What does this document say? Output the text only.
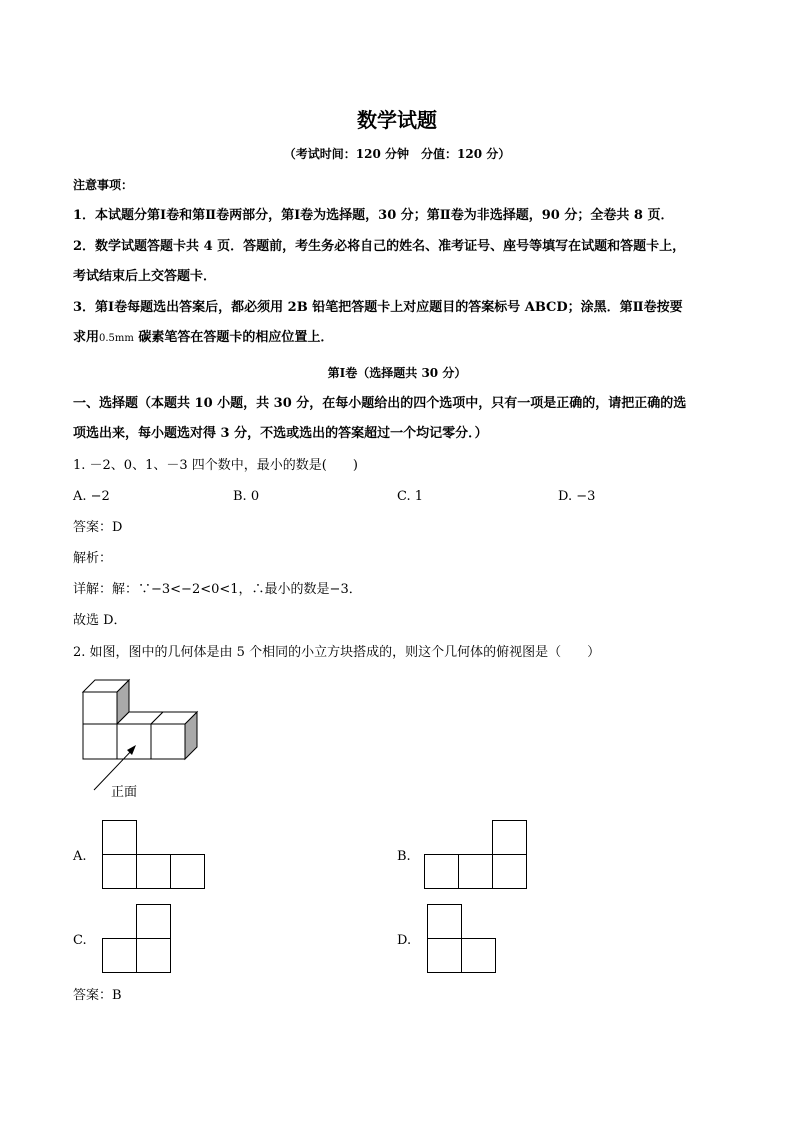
数学试题
（考试时间：120 分钟　分值：120 分）
注意事项：
1．本试题分第Ⅰ卷和第Ⅱ卷两部分，第Ⅰ卷为选择题，30 分；第Ⅱ卷为非选择题，90 分；全卷共 8 页．
2．数学试题答题卡共 4 页．答题前，考生务必将自己的姓名、准考证号、座号等填写在试题和答题卡上，
考试结束后上交答题卡．
3．第Ⅰ卷每题选出答案后，都必须用 2B 铅笔把答题卡上对应题目的答案标号 ABCD；涂黑．第Ⅱ卷按要
求用0.5mm 碳素笔答在答题卡的相应位置上．
第Ⅰ卷（选择题共 30 分）
一、选择题（本题共 10 小题，共 30 分，在每小题给出的四个选项中，只有一项是正确的，请把正确的选
项选出来，每小题选对得 3 分，不选或选出的答案超过一个均记零分．）
1. －2、0、1、－3 四个数中，最小的数是(　　)
A. −2	B. 0	C. 1	D. −3
答案：D
解析：
详解：解：∵−3<−2<0<1，∴最小的数是−3．
故选 D．
2. 如图，图中的几何体是由 5 个相同的小立方块搭成的，则这个几何体的俯视图是（　　）
正面
A.	B.
C.	D.
答案：B
